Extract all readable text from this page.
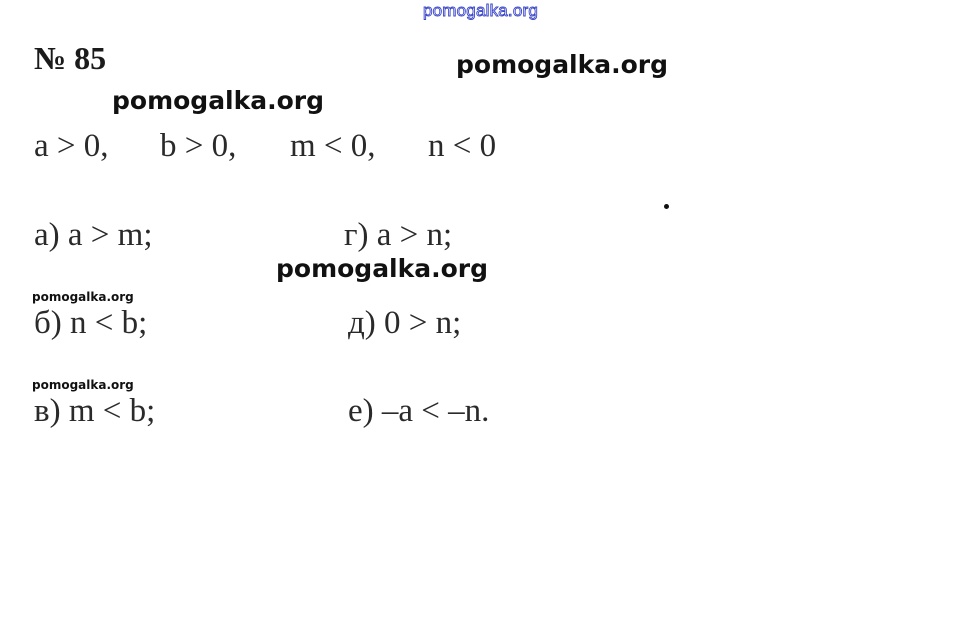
pomogalka.org
№ 85	pomogalka.org
pomogalka.org
a > 0, b > 0, m < 0, n < 0
а) a > m;	г) a > n;
pomogalka.org
pomogalka.org
б) n < b;	д) 0 > n;
pomogalka.org
в) m < b;	е) –a < –n.
